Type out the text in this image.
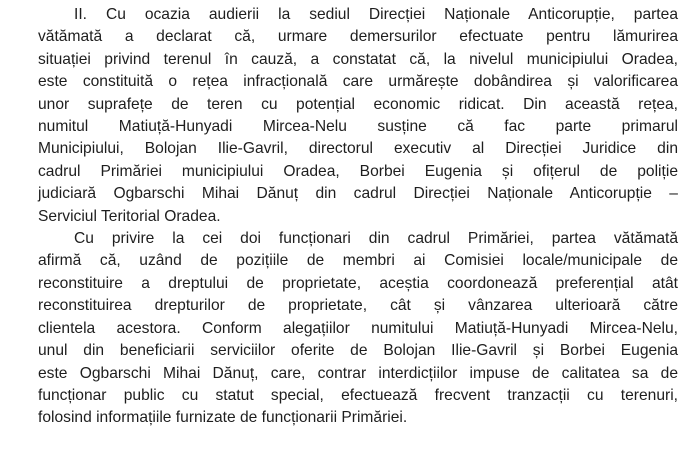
II. Cu ocazia audierii la sediul Direcției Naționale Anticorupție, partea
vătămată a declarat că, urmare demersurilor efectuate pentru lămurirea
situației privind terenul în cauză, a constatat că, la nivelul municipiului Oradea,
este constituită o rețea infracțională care urmărește dobândirea și valorificarea
unor suprafețe de teren cu potențial economic ridicat. Din această rețea,
numitul Matiuță-Hunyadi Mircea-Nelu susține că fac parte primarul
Municipiului, Bolojan Ilie-Gavril, directorul executiv al Direcției Juridice din
cadrul Primăriei municipiului Oradea, Borbei Eugenia și ofițerul de poliție
judiciară Ogbarschi Mihai Dănuț din cadrul Direcției Naționale Anticorupție –
Serviciul Teritorial Oradea.
Cu privire la cei doi funcționari din cadrul Primăriei, partea vătămată
afirmă că, uzând de pozițiile de membri ai Comisiei locale/municipale de
reconstituire a dreptului de proprietate, aceștia coordonează preferențial atât
reconstituirea drepturilor de proprietate, cât și vânzarea ulterioară către
clientela acestora. Conform alegațiilor numitului Matiuță-Hunyadi Mircea-Nelu,
unul din beneficiarii serviciilor oferite de Bolojan Ilie-Gavril și Borbei Eugenia
este Ogbarschi Mihai Dănuț, care, contrar interdicțiilor impuse de calitatea sa de
funcționar public cu statut special, efectuează frecvent tranzacții cu terenuri,
folosind informațiile furnizate de funcționarii Primăriei.
